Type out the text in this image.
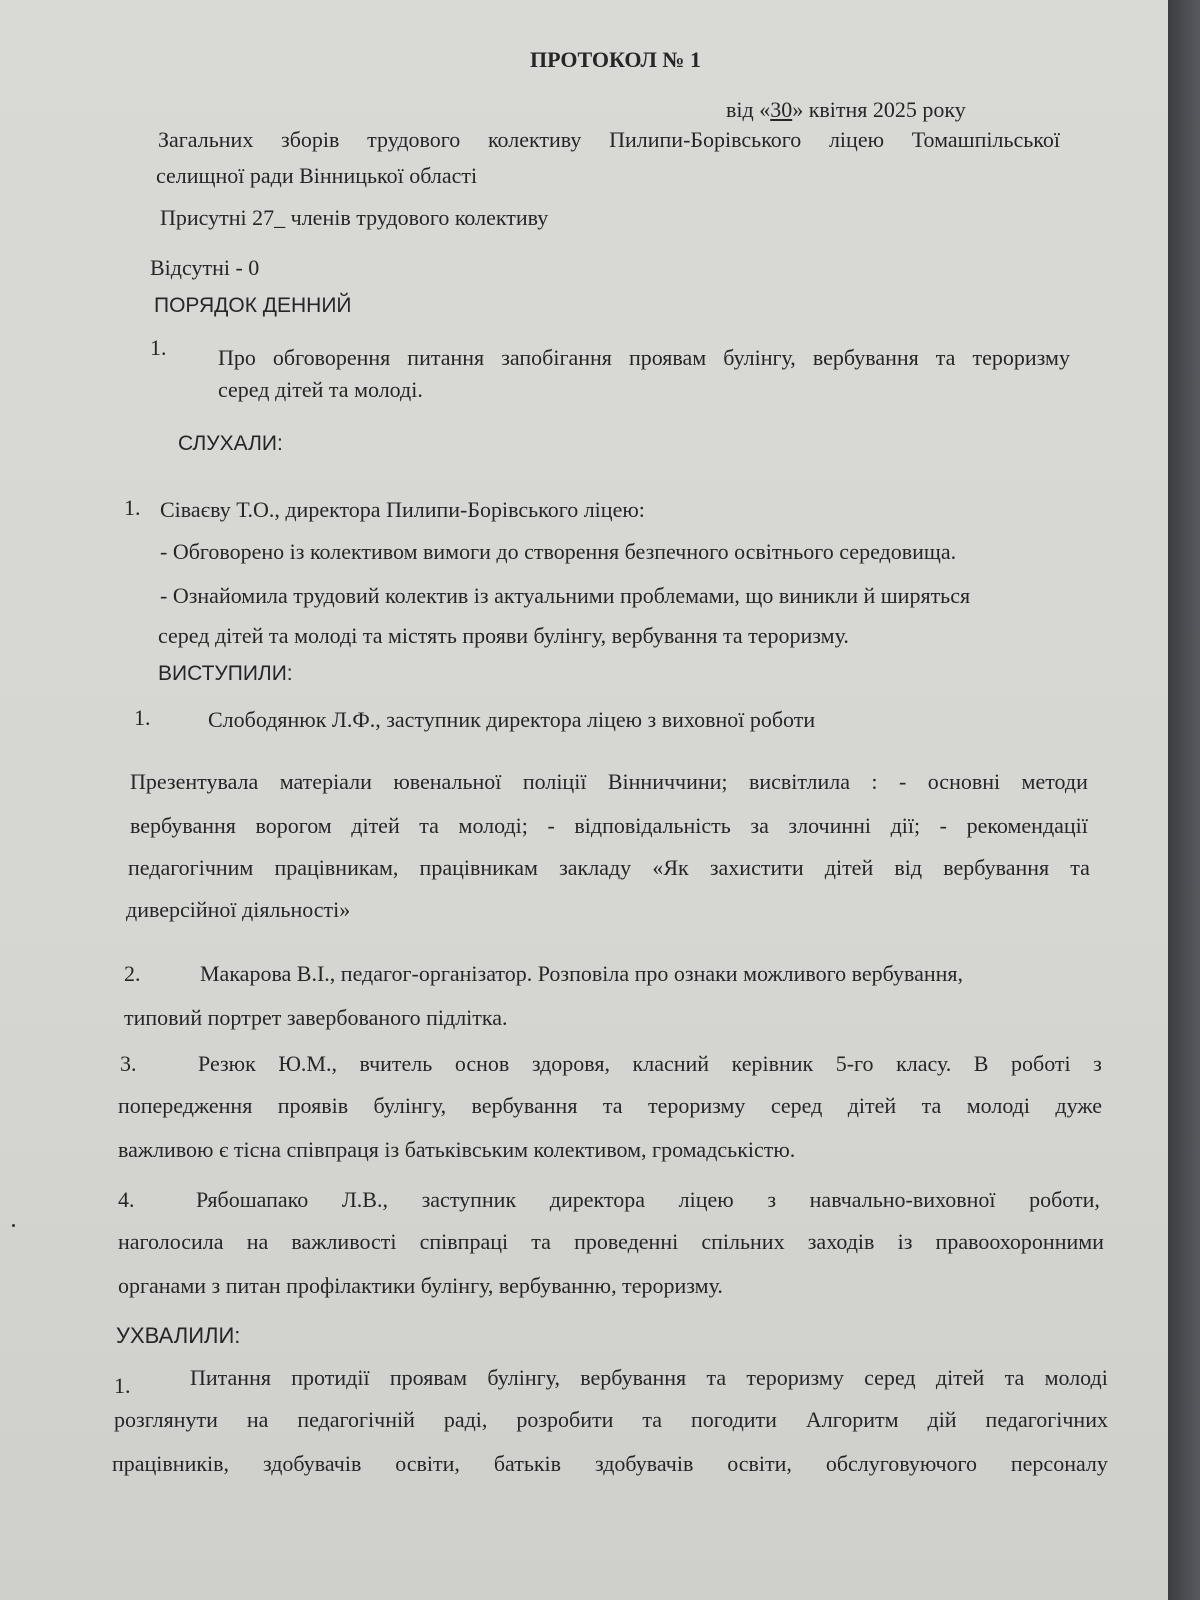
ПРОТОКОЛ № 1
від «30» квітня 2025 року
Загальних зборів трудового колективу Пилипи-Борівського ліцею Томашпільської
селищної ради Вінницької області
Присутні 27_ членів трудового колективу
Відсутні - 0
ПОРЯДОК ДЕННИЙ
1. Про обговорення питання запобігання проявам булінгу, вербування та тероризму
серед дітей та молоді.
СЛУХАЛИ:
1. Сіваєву Т.О., директора Пилипи-Борівського ліцею:
- Обговорено із колективом вимоги до створення безпечного освітнього середовища.
- Ознайомила трудовий колектив із актуальними проблемами, що виникли й ширяться
серед дітей та молоді та містять прояви булінгу, вербування та тероризму.
ВИСТУПИЛИ:
1.	Слободянюк Л.Ф., заступник директора ліцею з виховної роботи
Презентувала матеріали ювенальної поліції Вінниччини; висвітлила : - основні методи
вербування ворогом дітей та молоді; - відповідальність за злочинні дії; - рекомендації
педагогічним працівникам, працівникам закладу «Як захистити дітей від вербування та
диверсійної діяльності»
2.	Макарова В.І., педагог-організатор. Розповіла про ознаки можливого вербування,
типовий портрет завербованого підлітка.
3.	Резюк Ю.М., вчитель основ здоровя, класний керівник 5-го класу. В роботі з
попередження проявів булінгу, вербування та тероризму серед дітей та молоді дуже
важливою є тісна співпраця із батьківським колективом, громадськістю.
4.	Рябошапако Л.В., заступник директора ліцею з навчально-виховної роботи,
наголосила на важливості співпраці та проведенні спільних заходів із правоохоронними
органами з питан профілактики булінгу, вербуванню, тероризму.
УХВАЛИЛИ:
1.	Питання протидії проявам булінгу, вербування та тероризму серед дітей та молоді
розглянути на педагогічній раді, розробити та погодити Алгоритм дій педагогічних
працівників, здобувачів освіти, батьків здобувачів освіти, обслуговуючого персоналу
